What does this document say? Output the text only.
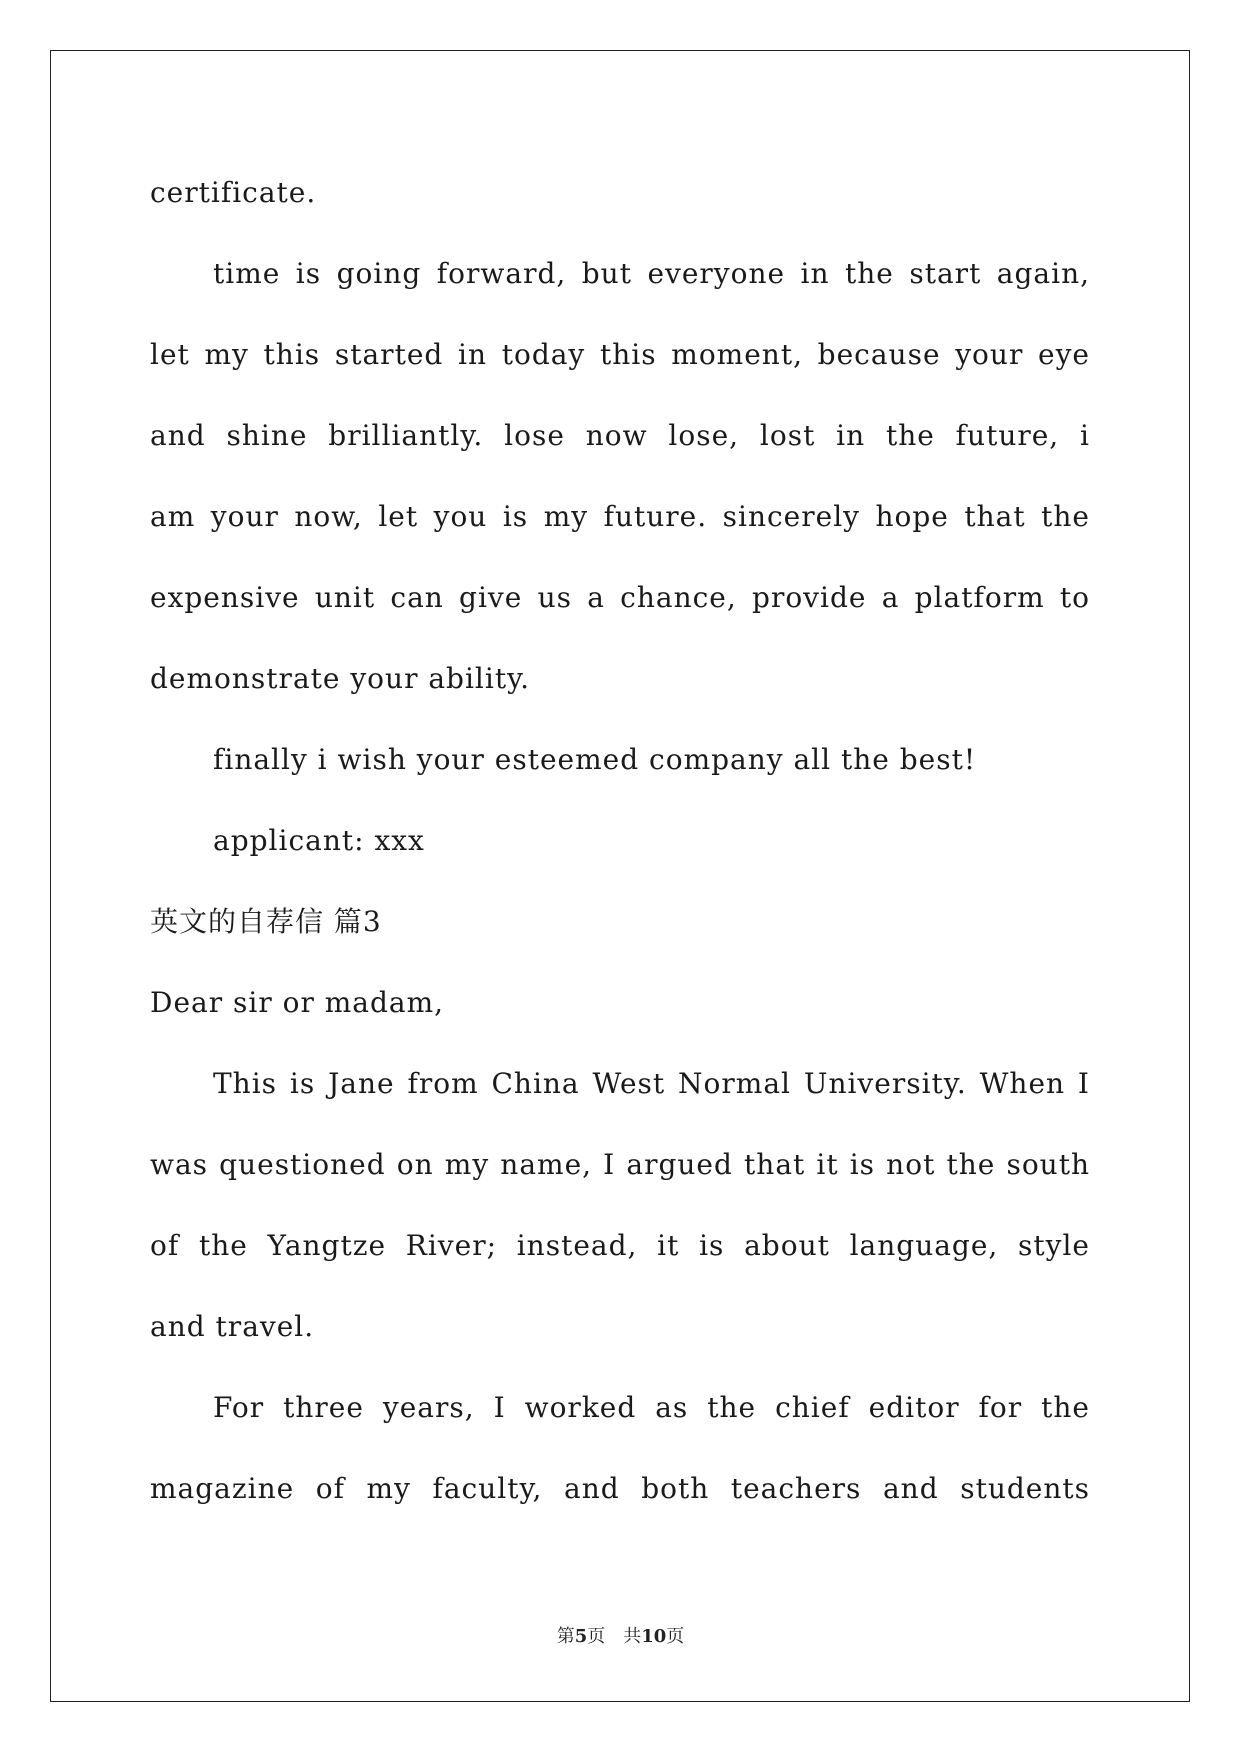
certificate.
time is going forward, but everyone in the start again,
let my this started in today this moment, because your eye
and shine brilliantly. lose now lose, lost in the future, i
am your now, let you is my future. sincerely hope that the
expensive unit can give us a chance, provide a platform to
demonstrate your ability.
finally i wish your esteemed company all the best!
applicant: xxx
英文的自荐信 篇3
Dear sir or madam,
This is Jane from China West Normal University. When I
was questioned on my name, I argued that it is not the south
of the Yangtze River; instead, it is about language, style
and travel.
For three years, I worked as the chief editor for the
magazine of my faculty, and both teachers and students
第5页　共10页
